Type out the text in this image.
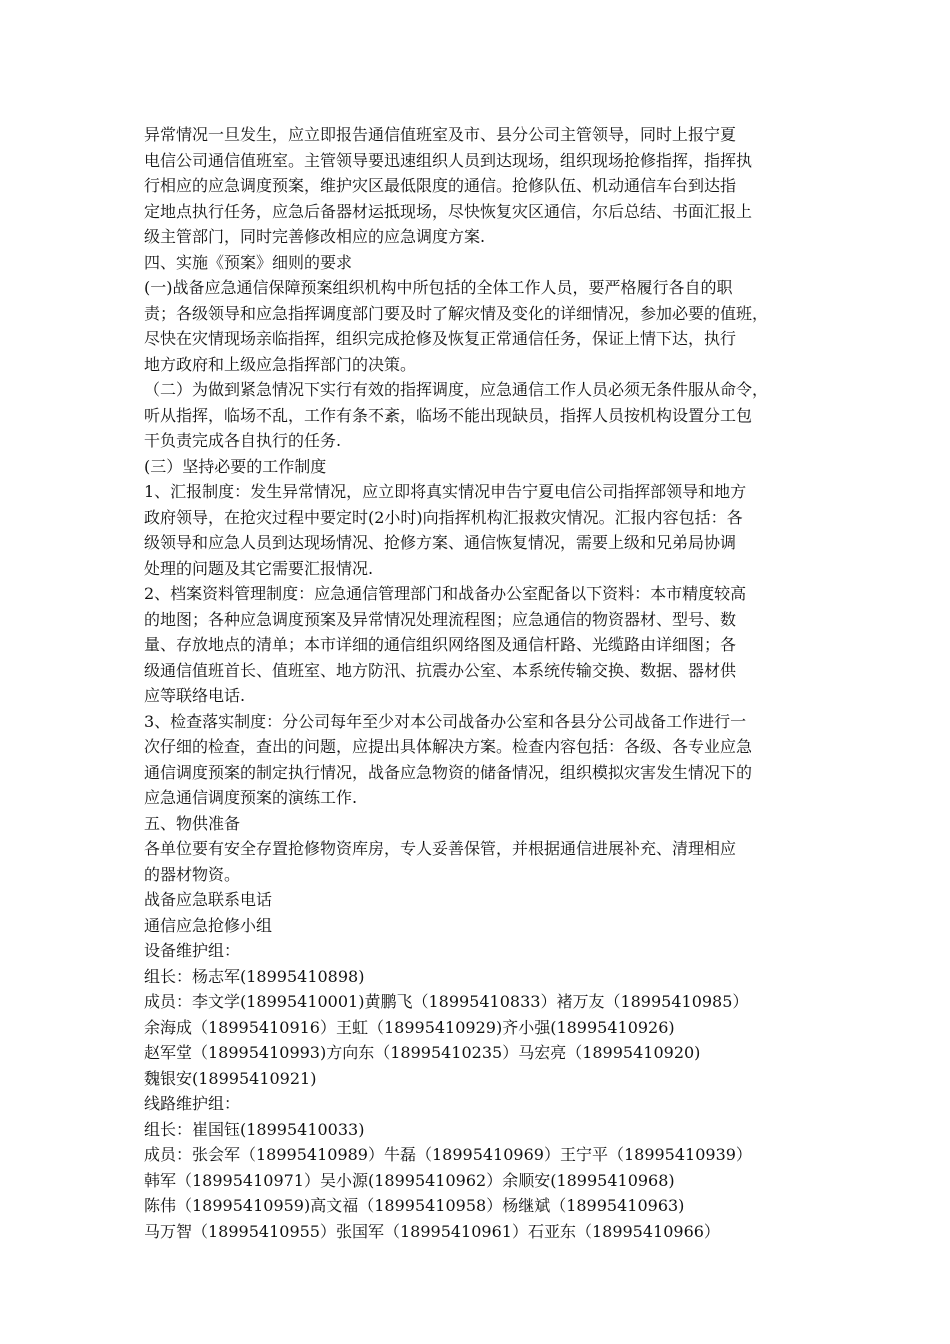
异常情况一旦发生，应立即报告通信值班室及市、县分公司主管领导，同时上报宁夏
电信公司通信值班室。主管领导要迅速组织人员到达现场，组织现场抢修指挥，指挥执
行相应的应急调度预案，维护灾区最低限度的通信。抢修队伍、机动通信车台到达指
定地点执行任务，应急后备器材运抵现场，尽快恢复灾区通信，尔后总结、书面汇报上
级主管部门，同时完善修改相应的应急调度方案.
四、实施《预案》细则的要求
(一)战备应急通信保障预案组织机构中所包括的全体工作人员，要严格履行各自的职
责；各级领导和应急指挥调度部门要及时了解灾情及变化的详细情况，参加必要的值班，
尽快在灾情现场亲临指挥，组织完成抢修及恢复正常通信任务，保证上情下达，执行
地方政府和上级应急指挥部门的决策。
（二）为做到紧急情况下实行有效的指挥调度，应急通信工作人员必须无条件服从命令，
听从指挥，临场不乱，工作有条不紊，临场不能出现缺员，指挥人员按机构设置分工包
干负责完成各自执行的任务.
(三）坚持必要的工作制度
1、汇报制度：发生异常情况，应立即将真实情况申告宁夏电信公司指挥部领导和地方
政府领导，在抢灾过程中要定时(2小时)向指挥机构汇报救灾情况。汇报内容包括：各
级领导和应急人员到达现场情况、抢修方案、通信恢复情况，需要上级和兄弟局协调
处理的问题及其它需要汇报情况.
2、档案资料管理制度：应急通信管理部门和战备办公室配备以下资料：本市精度较高
的地图；各种应急调度预案及异常情况处理流程图；应急通信的物资器材、型号、数
量、存放地点的清单；本市详细的通信组织网络图及通信杆路、光缆路由详细图；各
级通信值班首长、值班室、地方防汛、抗震办公室、本系统传输交换、数据、器材供
应等联络电话.
3、检查落实制度：分公司每年至少对本公司战备办公室和各县分公司战备工作进行一
次仔细的检查，查出的问题，应提出具体解决方案。检查内容包括：各级、各专业应急
通信调度预案的制定执行情况，战备应急物资的储备情况，组织模拟灾害发生情况下的
应急通信调度预案的演练工作.
五、物供准备
各单位要有安全存置抢修物资库房，专人妥善保管，并根据通信进展补充、清理相应
的器材物资。
战备应急联系电话
通信应急抢修小组
设备维护组：
组长：杨志军(18995410898)
成员：李文学(18995410001)黄鹏飞（18995410833）褚万友（18995410985）
余海成（18995410916）王虹（18995410929)齐小强(18995410926)
赵军堂（18995410993)方向东（18995410235）马宏亮（18995410920)
魏银安(18995410921)
线路维护组：
组长：崔国钰(18995410033)
成员：张会军（18995410989）牛磊（18995410969）王宁平（18995410939）
韩军（18995410971）吴小源(18995410962）余顺安(18995410968)
陈伟（18995410959)高文福（18995410958）杨继斌（18995410963)
马万智（18995410955）张国军（18995410961）石亚东（18995410966）
